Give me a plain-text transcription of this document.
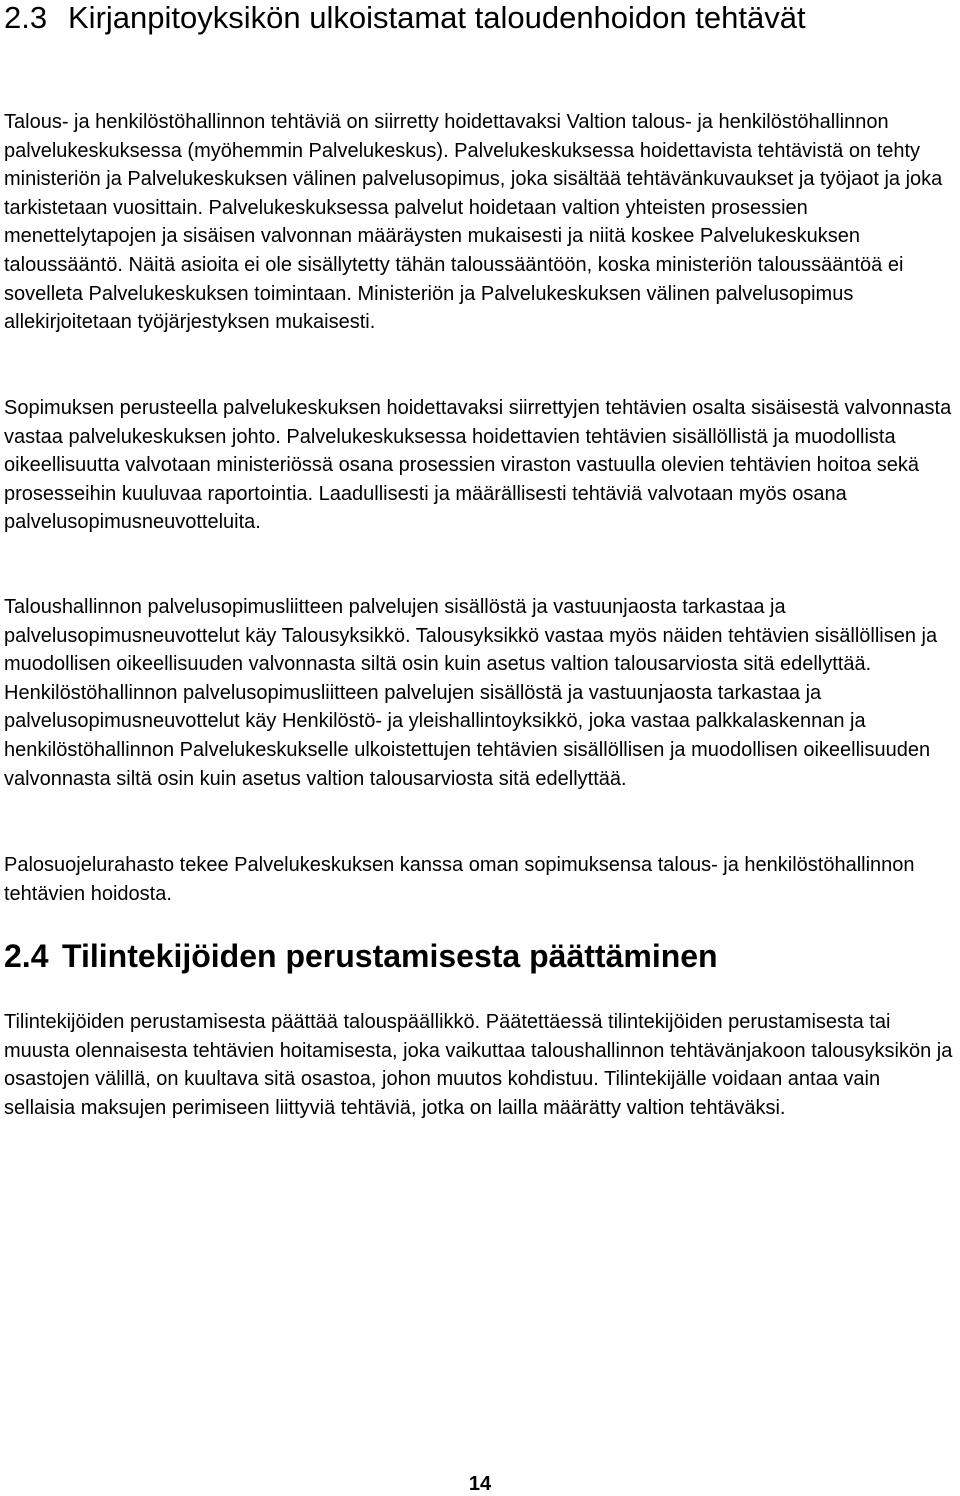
2.3 Kirjanpitoyksikön ulkoistamat taloudenhoidon tehtävät

Talous- ja henkilöstöhallinnon tehtäviä on siirretty hoidettavaksi Valtion talous- ja henkilöstöhallinnon palvelukeskuksessa (myöhemmin Palvelukeskus). Palvelukeskuksessa hoidettavista tehtävistä on tehty ministeriön ja Palvelukeskuksen välinen palvelusopimus, joka sisältää tehtävänkuvaukset ja työjaot ja joka tarkistetaan vuosittain. Palvelukeskuksessa palvelut hoidetaan valtion yhteisten prosessien menettelytapojen ja sisäisen valvonnan määräysten mukaisesti ja niitä koskee Palvelukeskuksen taloussääntö. Näitä asioita ei ole sisällytetty tähän taloussääntöön, koska ministeriön taloussääntöä ei sovelleta Palvelukeskuksen toimintaan. Ministeriön ja Palvelukeskuksen välinen palvelusopimus allekirjoitetaan työjärjestyksen mukaisesti.

Sopimuksen perusteella palvelukeskuksen hoidettavaksi siirrettyjen tehtävien osalta sisäisestä valvonnasta vastaa palvelukeskuksen johto. Palvelukeskuksessa hoidettavien tehtävien sisällöllistä ja muodollista oikeellisuutta valvotaan ministeriössä osana prosessien viraston vastuulla olevien tehtävien hoitoa sekä prosesseihin kuuluvaa raportointia. Laadullisesti ja määrällisesti tehtäviä valvotaan myös osana palvelusopimusneuvotteluita.

Taloushallinnon palvelusopimusliitteen palvelujen sisällöstä ja vastuunjaosta tarkastaa ja palvelusopimusneuvottelut käy Talousyksikkö. Talousyksikkö vastaa myös näiden tehtävien sisällöllisen ja muodollisen oikeellisuuden valvonnasta siltä osin kuin asetus valtion talousarviosta sitä edellyttää. Henkilöstöhallinnon palvelusopimusliitteen palvelujen sisällöstä ja vastuunjaosta tarkastaa ja palvelusopimusneuvottelut käy Henkilöstö- ja yleishallintoyksikkö, joka vastaa palkkalaskennan ja henkilöstöhallinnon Palvelukeskukselle ulkoistettujen tehtävien sisällöllisen ja muodollisen oikeellisuuden valvonnasta siltä osin kuin asetus valtion talousarviosta sitä edellyttää.

Palosuojelurahasto tekee Palvelukeskuksen kanssa oman sopimuksensa talous- ja henkilöstöhallinnon tehtävien hoidosta.

2.4 Tilintekijöiden perustamisesta päättäminen

Tilintekijöiden perustamisesta päättää talouspäällikkö. Päätettäessä tilintekijöiden perustamisesta tai muusta olennaisesta tehtävien hoitamisesta, joka vaikuttaa taloushallinnon tehtävänjakoon talousyksikön ja osastojen välillä, on kuultava sitä osastoa, johon muutos kohdistuu. Tilintekijälle voidaan antaa vain sellaisia maksujen perimiseen liittyviä tehtäviä, jotka on lailla määrätty valtion tehtäväksi.

14
